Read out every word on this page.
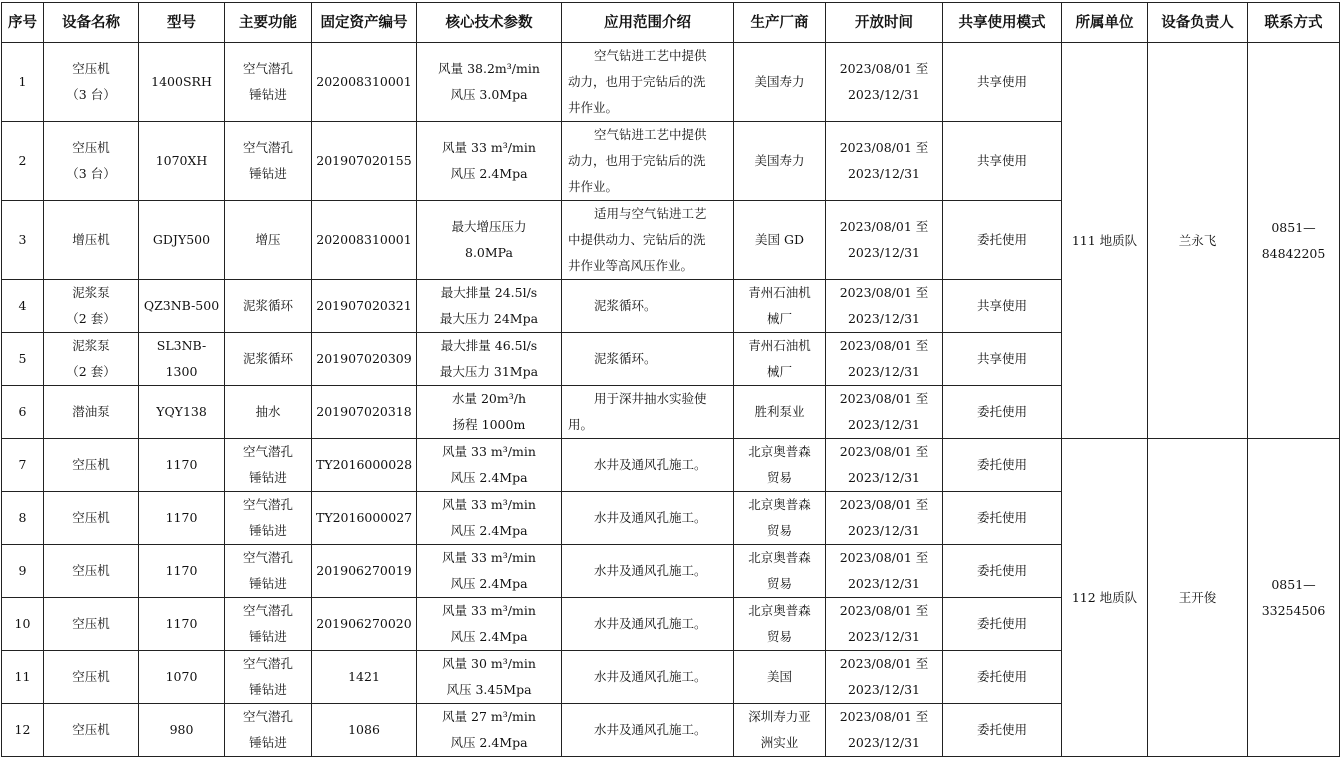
序号	设备名称	型号	主要功能	固定资产编号	核心技术参数	应用范围介绍	生产厂商	开放时间	共享使用模式	所属单位	设备负责人	联系方式
1	空压机
（3 台）	1400SRH	空气潜孔
锤钻进	202008310001	风量 38.2m³/min
风压 3.0Mpa	空气钻进工艺中提供
动力，也用于完钻后的洗
井作业。	美国寿力	2023/08/01 至
2023/12/31	共享使用	111 地质队	兰永飞	0851—
84842205
2	空压机
（3 台）	1070XH	空气潜孔
锤钻进	201907020155	风量 33 m³/min
风压 2.4Mpa	空气钻进工艺中提供
动力，也用于完钻后的洗
井作业。	美国寿力	2023/08/01 至
2023/12/31	共享使用			
3	增压机	GDJY500	增压	202008310001	最大增压压力
8.0MPa	适用与空气钻进工艺
中提供动力、完钻后的洗
井作业等高风压作业。	美国 GD	2023/08/01 至
2023/12/31	委托使用			
4	泥浆泵
（2 套）	QZ3NB-500	泥浆循环	201907020321	最大排量 24.5l/s
最大压力 24Mpa	泥浆循环。	青州石油机
械厂	2023/08/01 至
2023/12/31	共享使用			
5	泥浆泵
（2 套）	SL3NB-1300	泥浆循环	201907020309	最大排量 46.5l/s
最大压力 31Mpa	泥浆循环。	青州石油机
械厂	2023/08/01 至
2023/12/31	共享使用			
6	潜油泵	YQY138	抽水	201907020318	水量 20m³/h
扬程 1000m	用于深井抽水实验使
用。	胜利泵业	2023/08/01 至
2023/12/31	委托使用			
7	空压机	1170	空气潜孔
锤钻进	TY2016000028	风量 33 m³/min
风压 2.4Mpa	水井及通风孔施工。	北京奥普森
贸易	2023/08/01 至
2023/12/31	委托使用	112 地质队	王开俊	0851—
33254506
8	空压机	1170	空气潜孔
锤钻进	TY2016000027	风量 33 m³/min
风压 2.4Mpa	水井及通风孔施工。	北京奥普森
贸易	2023/08/01 至
2023/12/31	委托使用			
9	空压机	1170	空气潜孔
锤钻进	201906270019	风量 33 m³/min
风压 2.4Mpa	水井及通风孔施工。	北京奥普森
贸易	2023/08/01 至
2023/12/31	委托使用			
10	空压机	1170	空气潜孔
锤钻进	201906270020	风量 33 m³/min
风压 2.4Mpa	水井及通风孔施工。	北京奥普森
贸易	2023/08/01 至
2023/12/31	委托使用			
11	空压机	1070	空气潜孔
锤钻进	1421	风量 30 m³/min
风压 3.45Mpa	水井及通风孔施工。	美国	2023/08/01 至
2023/12/31	委托使用			
12	空压机	980	空气潜孔
锤钻进	1086	风量 27 m³/min
风压 2.4Mpa	水井及通风孔施工。	深圳寿力亚
洲实业	2023/08/01 至
2023/12/31	委托使用			
